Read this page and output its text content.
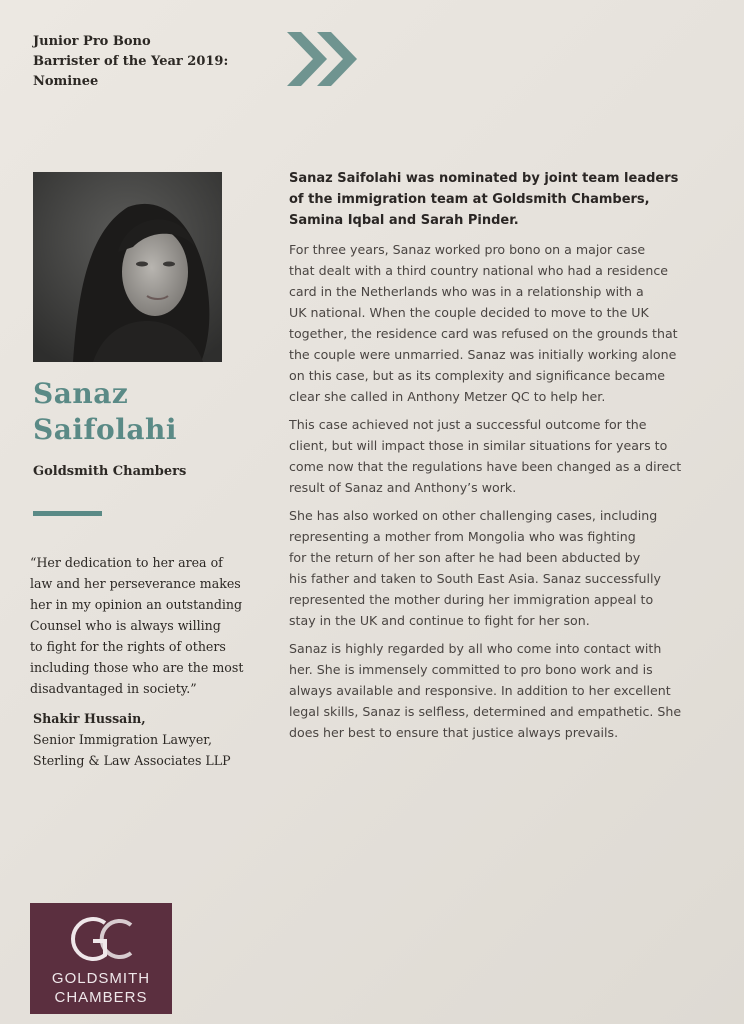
Junior Pro Bono
Barrister of the Year 2019:
Nominee
Sanaz
Saifolahi
Goldsmith Chambers
“Her dedication to her area of
law and her perseverance makes
her in my opinion an outstanding
Counsel who is always willing
to fight for the rights of others
including those who are the most
disadvantaged in society.”
Shakir Hussain,
Senior Immigration Lawyer,
Sterling & Law Associates LLP
Sanaz Saifolahi was nominated by joint team leaders
of the immigration team at Goldsmith Chambers,
Samina Iqbal and Sarah Pinder.
For three years, Sanaz worked pro bono on a major case
that dealt with a third country national who had a residence
card in the Netherlands who was in a relationship with a
UK national. When the couple decided to move to the UK
together, the residence card was refused on the grounds that
the couple were unmarried. Sanaz was initially working alone
on this case, but as its complexity and significance became
clear she called in Anthony Metzer QC to help her.
This case achieved not just a successful outcome for the
client, but will impact those in similar situations for years to
come now that the regulations have been changed as a direct
result of Sanaz and Anthony’s work.
She has also worked on other challenging cases, including
representing a mother from Mongolia who was fighting
for the return of her son after he had been abducted by
his father and taken to South East Asia. Sanaz successfully
represented the mother during her immigration appeal to
stay in the UK and continue to fight for her son.
Sanaz is highly regarded by all who come into contact with
her. She is immensely committed to pro bono work and is
always available and responsive. In addition to her excellent
legal skills, Sanaz is selfless, determined and empathetic. She
does her best to ensure that justice always prevails.
GOLDSMITH
CHAMBERS
